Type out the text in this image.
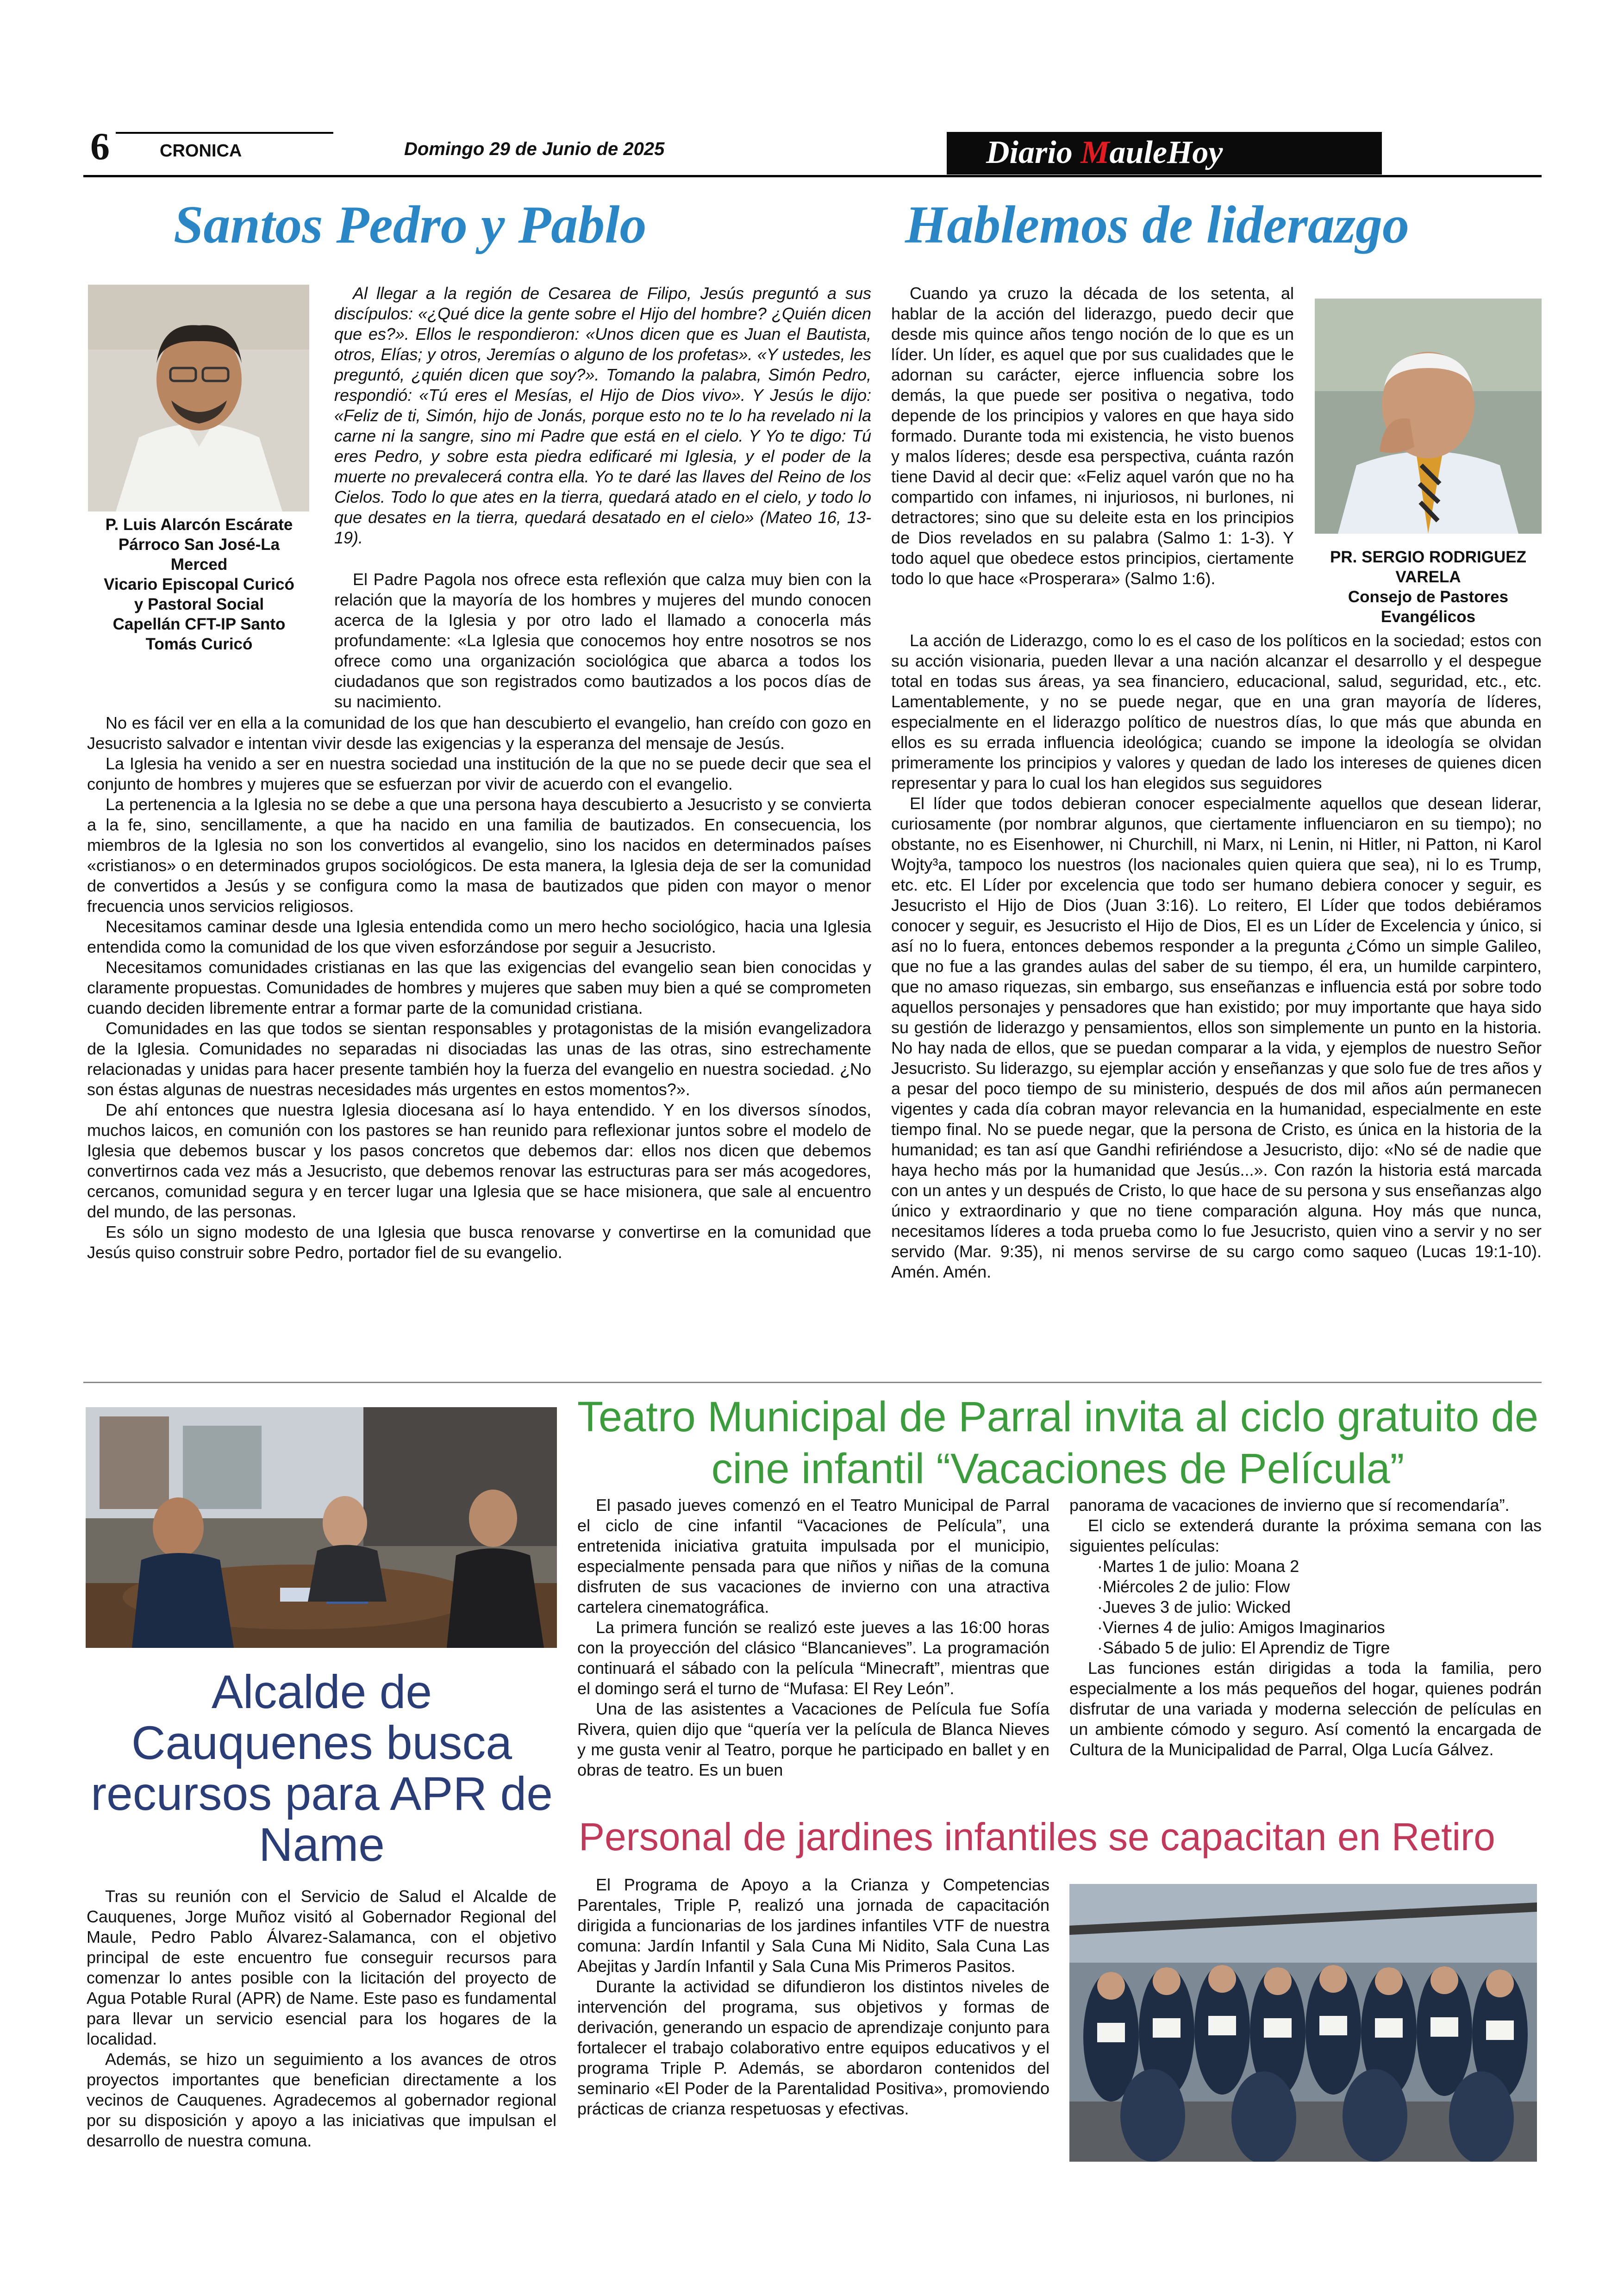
6	CRONICA	Domingo 29 de Junio de 2025	Diario MauleHoy
Santos Pedro y Pablo
P. Luis Alarcón Escárate
Párroco San José-La
Merced
Vicario Episcopal Curicó
y Pastoral Social
Capellán CFT-IP Santo
Tomás Curicó

Al llegar a la región de Cesarea de Filipo, Jesús preguntó a sus discípulos: «¿Qué dice la gente sobre el Hijo del hombre? ¿Quién dicen que es?». Ellos le respondieron: «Unos dicen que es Juan el Bautista, otros, Elías; y otros, Jeremías o alguno de los profetas». «Y ustedes, les preguntó, ¿quién dicen que soy?». Tomando la palabra, Simón Pedro, respondió: «Tú eres el Mesías, el Hijo de Dios vivo». Y Jesús le dijo: «Feliz de ti, Simón, hijo de Jonás, porque esto no te lo ha revelado ni la carne ni la sangre, sino mi Padre que está en el cielo. Y Yo te digo: Tú eres Pedro, y sobre esta piedra edificaré mi Iglesia, y el poder de la muerte no prevalecerá contra ella. Yo te daré las llaves del Reino de los Cielos. Todo lo que ates en la tierra, quedará atado en el cielo, y todo lo que desates en la tierra, quedará desatado en el cielo» (Mateo 16, 13-19).

El Padre Pagola nos ofrece esta reflexión que calza muy bien con la relación que la mayoría de los hombres y mujeres del mundo conocen acerca de la Iglesia y por otro lado el llamado a conocerla más profundamente: «La Iglesia que conocemos hoy entre nosotros se nos ofrece como una organización sociológica que abarca a todos los ciudadanos que son registrados como bautizados a los pocos días de su nacimiento.

No es fácil ver en ella a la comunidad de los que han descubierto el evangelio, han creído con gozo en Jesucristo salvador e intentan vivir desde las exigencias y la esperanza del mensaje de Jesús.

La Iglesia ha venido a ser en nuestra sociedad una institución de la que no se puede decir que sea el conjunto de hombres y mujeres que se esfuerzan por vivir de acuerdo con el evangelio.

La pertenencia a la Iglesia no se debe a que una persona haya descubierto a Jesucristo y se convierta a la fe, sino, sencillamente, a que ha nacido en una familia de bautizados. En consecuencia, los miembros de la Iglesia no son los convertidos al evangelio, sino los nacidos en determinados países «cristianos» o en determinados grupos sociológicos. De esta manera, la Iglesia deja de ser la comunidad de convertidos a Jesús y se configura como la masa de bautizados que piden con mayor o menor frecuencia unos servicios religiosos.

Necesitamos caminar desde una Iglesia entendida como un mero hecho sociológico, hacia una Iglesia entendida como la comunidad de los que viven esforzándose por seguir a Jesucristo.

Necesitamos comunidades cristianas en las que las exigencias del evangelio sean bien conocidas y claramente propuestas. Comunidades de hombres y mujeres que saben muy bien a qué se comprometen cuando deciden libremente entrar a formar parte de la comunidad cristiana.

Comunidades en las que todos se sientan responsables y protagonistas de la misión evangelizadora de la Iglesia. Comunidades no separadas ni disociadas las unas de las otras, sino estrechamente relacionadas y unidas para hacer presente también hoy la fuerza del evangelio en nuestra sociedad. ¿No son éstas algunas de nuestras necesidades más urgentes en estos momentos?».

De ahí entonces que nuestra Iglesia diocesana así lo haya entendido. Y en los diversos sínodos, muchos laicos, en comunión con los pastores se han reunido para reflexionar juntos sobre el modelo de Iglesia que debemos buscar y los pasos concretos que debemos dar: ellos nos dicen que debemos convertirnos cada vez más a Jesucristo, que debemos renovar las estructuras para ser más acogedores, cercanos, comunidad segura y en tercer lugar una Iglesia que se hace misionera, que sale al encuentro del mundo, de las personas.

Es sólo un signo modesto de una Iglesia que busca renovarse y convertirse en la comunidad que Jesús quiso construir sobre Pedro, portador fiel de su evangelio.

Hablemos de liderazgo

Cuando ya cruzo la década de los setenta, al hablar de la acción del liderazgo, puedo decir que desde mis quince años tengo noción de lo que es un líder. Un líder, es aquel que por sus cualidades que le adornan su carácter, ejerce influencia sobre los demás, la que puede ser positiva o negativa, todo depende de los principios y valores en que haya sido formado. Durante toda mi existencia, he visto buenos y malos líderes; desde esa perspectiva, cuánta razón tiene David al decir que: «Feliz aquel varón que no ha compartido con infames, ni injuriosos, ni burlones, ni detractores; sino que su deleite esta en los principios de Dios revelados en su palabra (Salmo 1: 1-3). Y todo aquel que obedece estos principios, ciertamente todo lo que hace «Prosperara» (Salmo 1:6).

PR. SERGIO RODRIGUEZ
VARELA
Consejo de Pastores
Evangélicos

La acción de Liderazgo, como lo es el caso de los políticos en la sociedad; estos con su acción visionaria, pueden llevar a una nación alcanzar el desarrollo y el despegue total en todas sus áreas, ya sea financiero, educacional, salud, seguridad, etc., etc. Lamentablemente, y no se puede negar, que en una gran mayoría de líderes, especialmente en el liderazgo político de nuestros días, lo que más que abunda en ellos es su errada influencia ideológica; cuando se impone la ideología se olvidan primeramente los principios y valores y quedan de lado los intereses de quienes dicen representar y para lo cual los han elegidos sus seguidores

El líder que todos debieran conocer especialmente aquellos que desean liderar, curiosamente (por nombrar algunos, que ciertamente influenciaron en su tiempo); no obstante, no es Eisenhower, ni Churchill, ni Marx, ni Lenin, ni Hitler, ni Patton, ni Karol Wojty³a, tampoco los nuestros (los nacionales quien quiera que sea), ni lo es Trump, etc. etc. El Líder por excelencia que todo ser humano debiera conocer y seguir, es Jesucristo el Hijo de Dios (Juan 3:16). Lo reitero, El Líder que todos debiéramos conocer y seguir, es Jesucristo el Hijo de Dios, El es un Líder de Excelencia y único, si así no lo fuera, entonces debemos responder a la pregunta ¿Cómo un simple Galileo, que no fue a las grandes aulas del saber de su tiempo, él era, un humilde carpintero, que no amaso riquezas, sin embargo, sus enseñanzas e influencia está por sobre todo aquellos personajes y pensadores que han existido; por muy importante que haya sido su gestión de liderazgo y pensamientos, ellos son simplemente un punto en la historia. No hay nada de ellos, que se puedan comparar a la vida, y ejemplos de nuestro Señor Jesucristo. Su liderazgo, su ejemplar acción y enseñanzas y que solo fue de tres años y a pesar del poco tiempo de su ministerio, después de dos mil años aún permanecen vigentes y cada día cobran mayor relevancia en la humanidad, especialmente en este tiempo final. No se puede negar, que la persona de Cristo, es única en la historia de la humanidad; es tan así que Gandhi refiriéndose a Jesucristo, dijo: «No sé de nadie que haya hecho más por la humanidad que Jesús...». Con razón la historia está marcada con un antes y un después de Cristo, lo que hace de su persona y sus enseñanzas algo único y extraordinario y que no tiene comparación alguna. Hoy más que nunca, necesitamos líderes a toda prueba como lo fue Jesucristo, quien vino a servir y no ser servido (Mar. 9:35), ni menos servirse de su cargo como saqueo (Lucas 19:1-10). Amén. Amén.

Alcalde de Cauquenes busca recursos para APR de Name

Tras su reunión con el Servicio de Salud el Alcalde de Cauquenes, Jorge Muñoz visitó al Gobernador Regional del Maule, Pedro Pablo Álvarez-Salamanca, con el objetivo principal de este encuentro fue conseguir recursos para comenzar lo antes posible con la licitación del proyecto de Agua Potable Rural (APR) de Name. Este paso es fundamental para llevar un servicio esencial para los hogares de la localidad.

Además, se hizo un seguimiento a los avances de otros proyectos importantes que benefician directamente a los vecinos de Cauquenes. Agradecemos al gobernador regional por su disposición y apoyo a las iniciativas que impulsan el desarrollo de nuestra comuna.

Teatro Municipal de Parral invita al ciclo gratuito de cine infantil “Vacaciones de Película”

El pasado jueves comenzó en el Teatro Municipal de Parral el ciclo de cine infantil “Vacaciones de Película”, una entretenida iniciativa gratuita impulsada por el municipio, especialmente pensada para que niños y niñas de la comuna disfruten de sus vacaciones de invierno con una atractiva cartelera cinematográfica.

La primera función se realizó este jueves a las 16:00 horas con la proyección del clásico “Blancanieves”. La programación continuará el sábado con la película “Minecraft”, mientras que el domingo será el turno de “Mufasa: El Rey León”.

Una de las asistentes a Vacaciones de Película fue Sofía Rivera, quien dijo que “quería ver la película de Blanca Nieves y me gusta venir al Teatro, porque he participado en ballet y en obras de teatro. Es un buen

panorama de vacaciones de invierno que sí recomendaría”.

El ciclo se extenderá durante la próxima semana con las siguientes películas:

·Martes 1 de julio: Moana 2
·Miércoles 2 de julio: Flow
·Jueves 3 de julio: Wicked
·Viernes 4 de julio: Amigos Imaginarios
·Sábado 5 de julio: El Aprendiz de Tigre

Las funciones están dirigidas a toda la familia, pero especialmente a los más pequeños del hogar, quienes podrán disfrutar de una variada y moderna selección de películas en un ambiente cómodo y seguro. Así comentó la encargada de Cultura de la Municipalidad de Parral, Olga Lucía Gálvez.

Personal de jardines infantiles se capacitan en Retiro

El Programa de Apoyo a la Crianza y Competencias Parentales, Triple P, realizó una jornada de capacitación dirigida a funcionarias de los jardines infantiles VTF de nuestra comuna: Jardín Infantil y Sala Cuna Mi Nidito, Sala Cuna Las Abejitas y Jardín Infantil y Sala Cuna Mis Primeros Pasitos.

Durante la actividad se difundieron los distintos niveles de intervención del programa, sus objetivos y formas de derivación, generando un espacio de aprendizaje conjunto para fortalecer el trabajo colaborativo entre equipos educativos y el programa Triple P. Además, se abordaron contenidos del seminario «El Poder de la Parentalidad Positiva», promoviendo prácticas de crianza respetuosas y efectivas.
